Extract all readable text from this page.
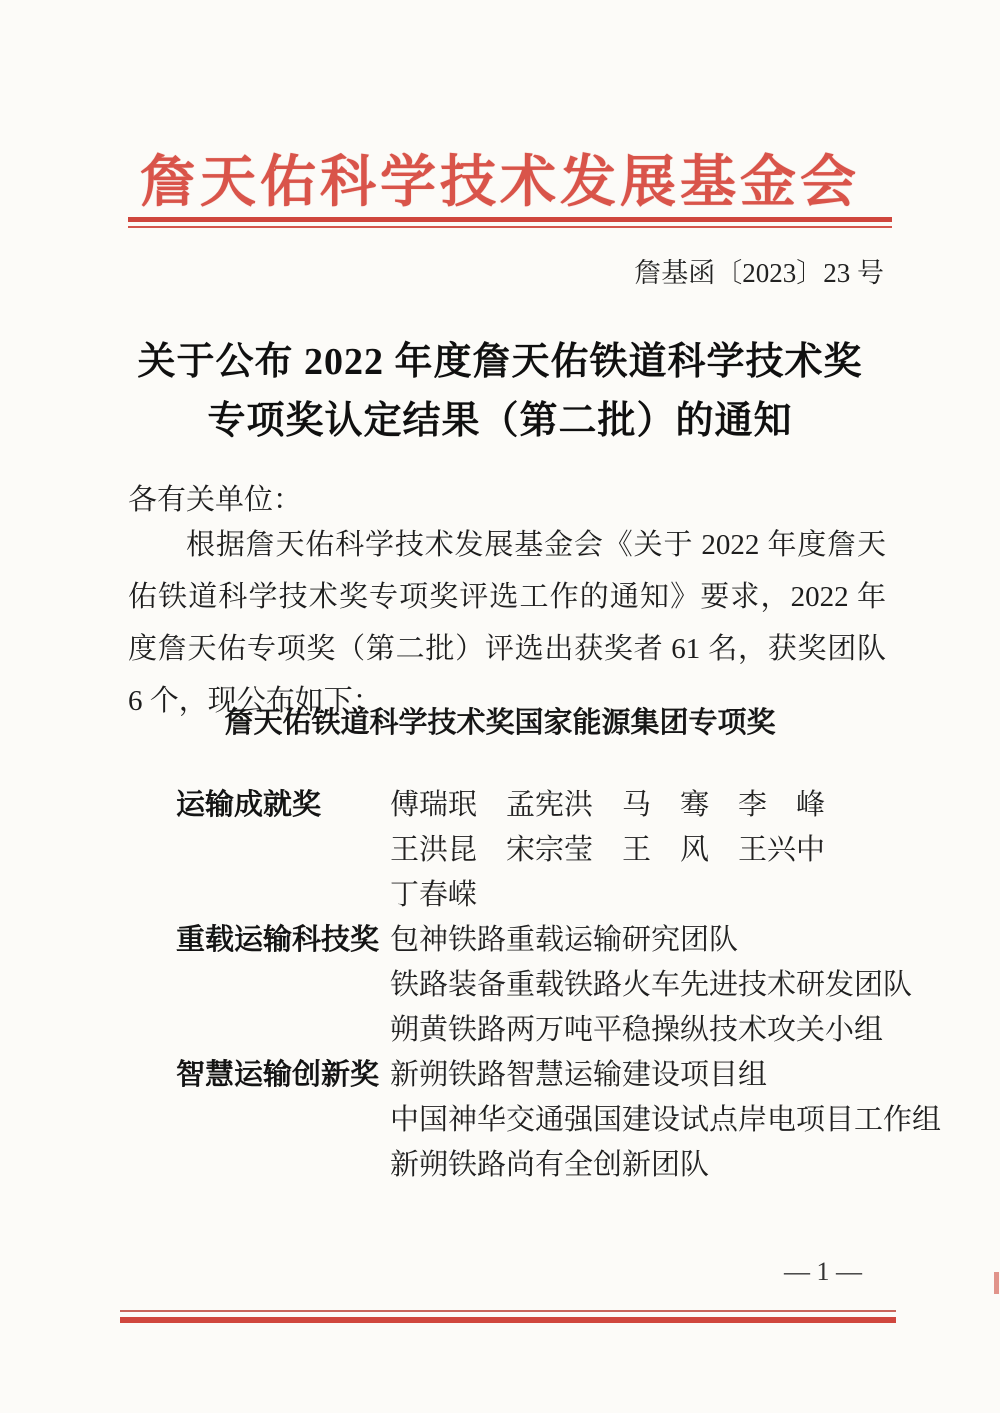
詹天佑科学技术发展基金会
詹基函〔2023〕23 号
关于公布 2022 年度詹天佑铁道科学技术奖
专项奖认定结果（第二批）的通知
各有关单位：

根据詹天佑科学技术发展基金会《关于 2022 年度詹天佑铁道科学技术奖专项奖评选工作的通知》要求，2022 年度詹天佑专项奖（第二批）评选出获奖者 61 名，获奖团队 6 个，现公布如下：

詹天佑铁道科学技术奖国家能源集团专项奖
运输成就奖	傅瑞珉　孟宪洪　马　骞　李　峰
王洪昆　宋宗莹　王　风　王兴中
丁春嵘
重载运输科技奖 包神铁路重载运输研究团队
铁路装备重载铁路火车先进技术研发团队
朔黄铁路两万吨平稳操纵技术攻关小组
智慧运输创新奖 新朔铁路智慧运输建设项目组
中国神华交通强国建设试点岸电项目工作组
新朔铁路尚有全创新团队
— 1 —
